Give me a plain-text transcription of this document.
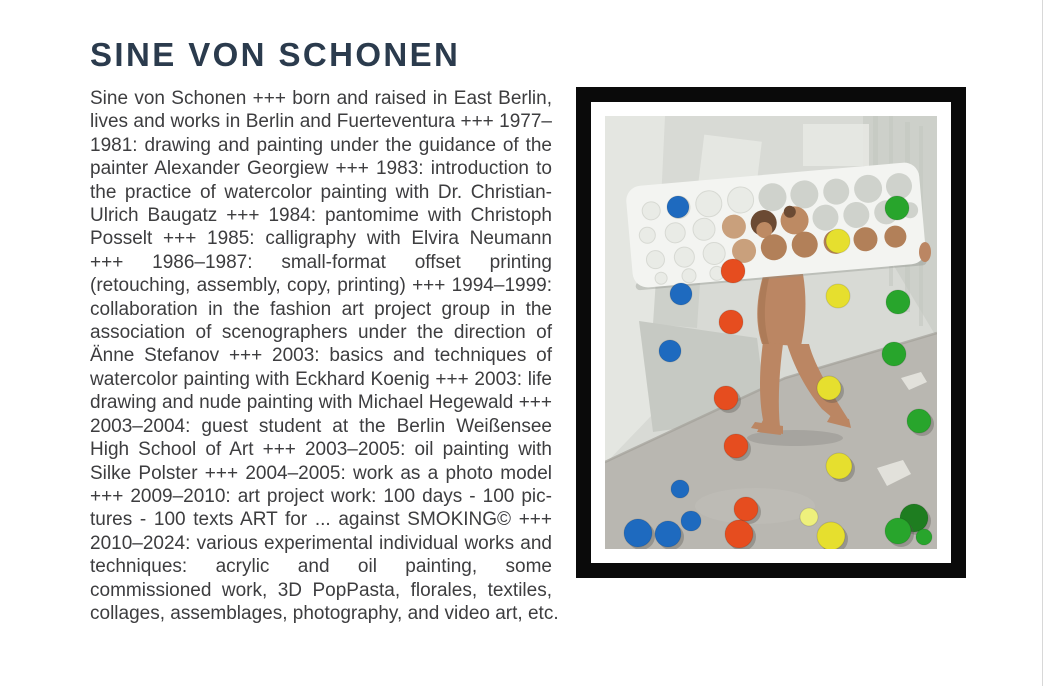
SINE VON SCHONEN
Sine von Schonen +++ born and raised in East Berlin, lives and works in Berlin and Fuerteventura +++ 1977–1981: drawing and painting under the guidance of the painter Alexander Georgiew +++ 1983: introduction to the practice of watercolor painting with Dr. Christian-Ulrich Baugatz +++ 1984: pantomime with Christoph Posselt +++ 1985: calligraphy with Elvira Neumann +++ 1986–1987: small-format offset printing (retouching, assembly, copy, printing) +++ 1994–1999: collaboration in the fashion art project group in the association of scenographers under the direction of Änne Stefanov +++ 2003: basics and techniques of watercolor painting with Eckhard Koenig +++ 2003: life drawing and nude painting with Michael Hegewald +++ 2003–2004: guest student at the Berlin Weißensee High School of Art +++ 2003–2005: oil painting with Silke Polster +++ 2004–2005: work as a photo model +++ 2009–2010: art project work: 100 days - 100 pictures - 100 texts ART for ... against SMOKING© +++ 2010–2024: various experimental individual works and techniques: acrylic and oil painting, some commissioned work, 3D PopPasta, florales, textiles, collages, assemblages, photography, and video art, etc.
